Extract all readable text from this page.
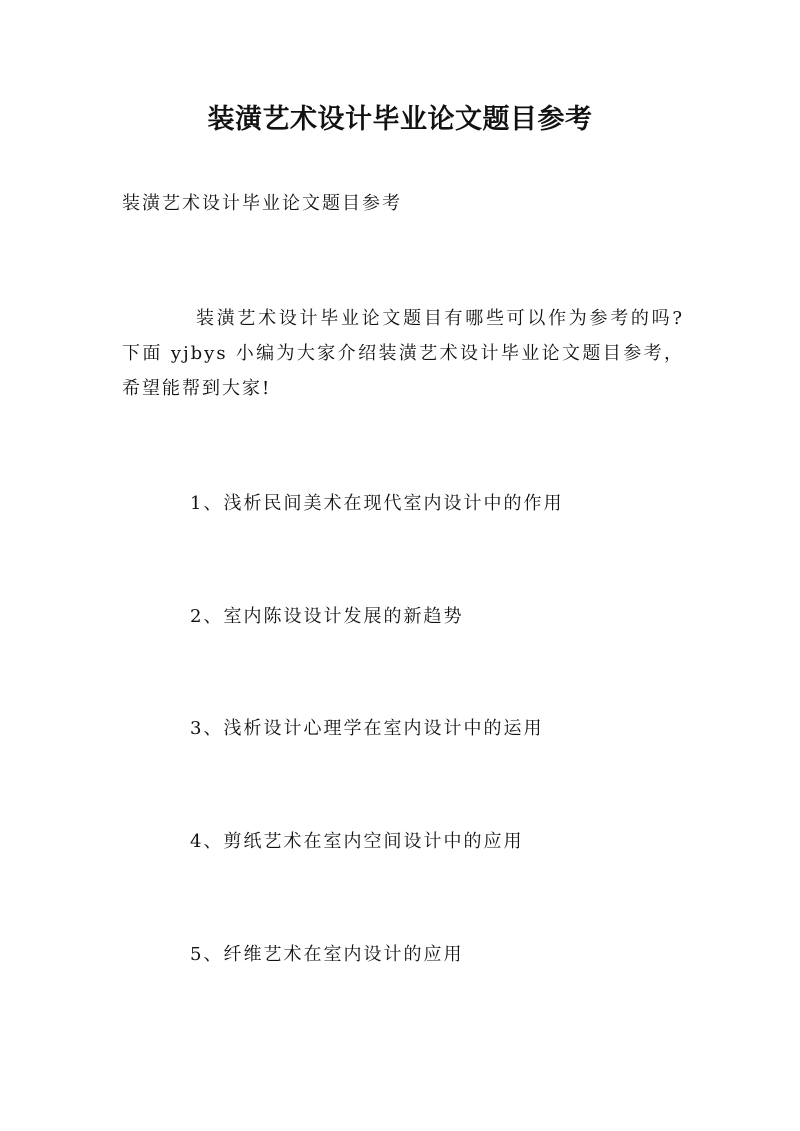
装潢艺术设计毕业论文题目参考
装潢艺术设计毕业论文题目参考
装潢艺术设计毕业论文题目有哪些可以作为参考的吗?下面 yjbys 小编为大家介绍装潢艺术设计毕业论文题目参考，希望能帮到大家!
1、浅析民间美术在现代室内设计中的作用
2、室内陈设设计发展的新趋势
3、浅析设计心理学在室内设计中的运用
4、剪纸艺术在室内空间设计中的应用
5、纤维艺术在室内设计的应用
